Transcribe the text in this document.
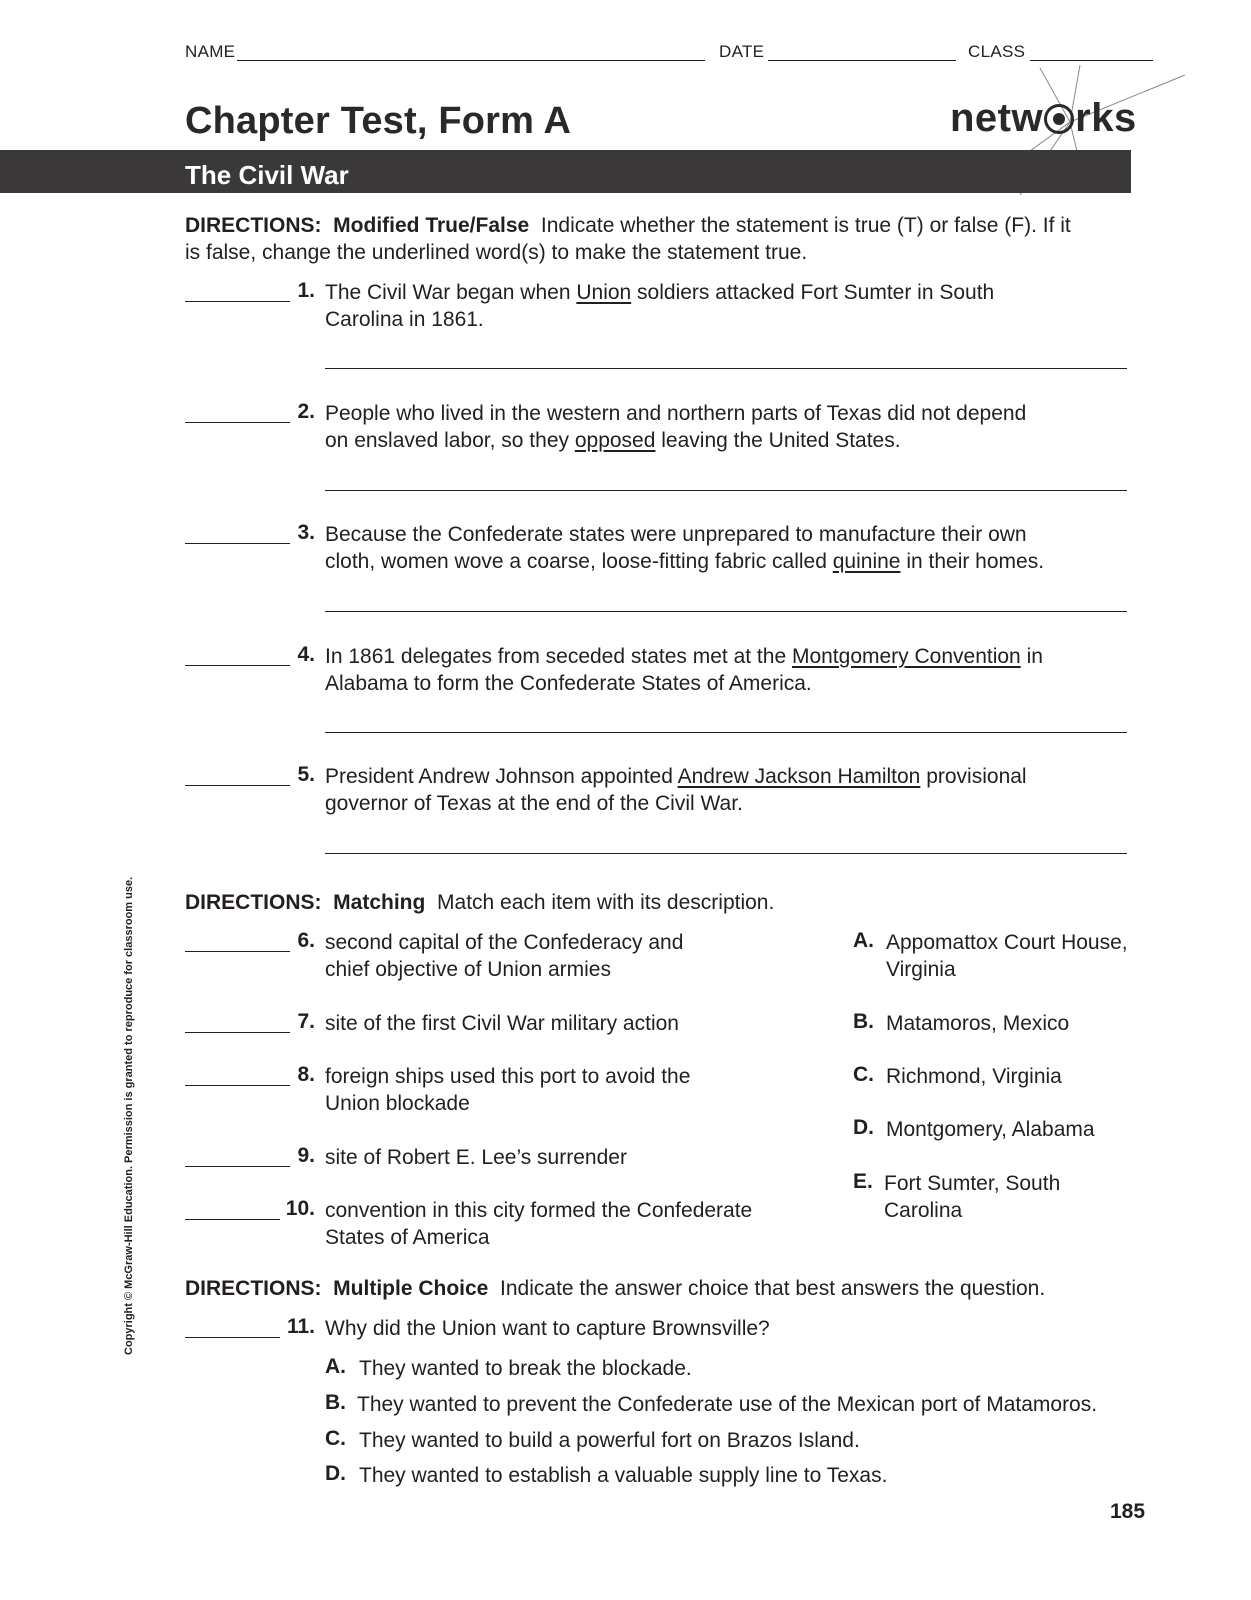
NAME	DATE	CLASS
Chapter Test, Form A	netw rks
The Civil War
DIRECTIONS: Modified True/False Indicate whether the statement is true (T) or false (F). If it
is false, change the underlined word(s) to make the statement true.
1. The Civil War began when Union soldiers attacked Fort Sumter in South
Carolina in 1861.
2. People who lived in the western and northern parts of Texas did not depend
on enslaved labor, so they opposed leaving the United States.
3. Because the Confederate states were unprepared to manufacture their own
cloth, women wove a coarse, loose-fitting fabric called quinine in their homes.
4. In 1861 delegates from seceded states met at the Montgomery Convention in
Alabama to form the Confederate States of America.
5. President Andrew Johnson appointed Andrew Jackson Hamilton provisional
governor of Texas at the end of the Civil War.
DIRECTIONS: Matching Match each item with its description.
6. second capital of the Confederacy and
chief objective of Union armies
7. site of the first Civil War military action
8. foreign ships used this port to avoid the
Union blockade
9. site of Robert E. Lee’s surrender
10. convention in this city formed the Confederate
States of America
A. Appomattox Court House,
Virginia
B. Matamoros, Mexico
C. Richmond, Virginia
D. Montgomery, Alabama
E. Fort Sumter, South
Carolina
DIRECTIONS: Multiple Choice Indicate the answer choice that best answers the question.
11. Why did the Union want to capture Brownsville?
A. They wanted to break the blockade.
B. They wanted to prevent the Confederate use of the Mexican port of Matamoros.
C. They wanted to build a powerful fort on Brazos Island.
D. They wanted to establish a valuable supply line to Texas.
185
Copyright © McGraw-Hill Education. Permission is granted to reproduce for classroom use.
